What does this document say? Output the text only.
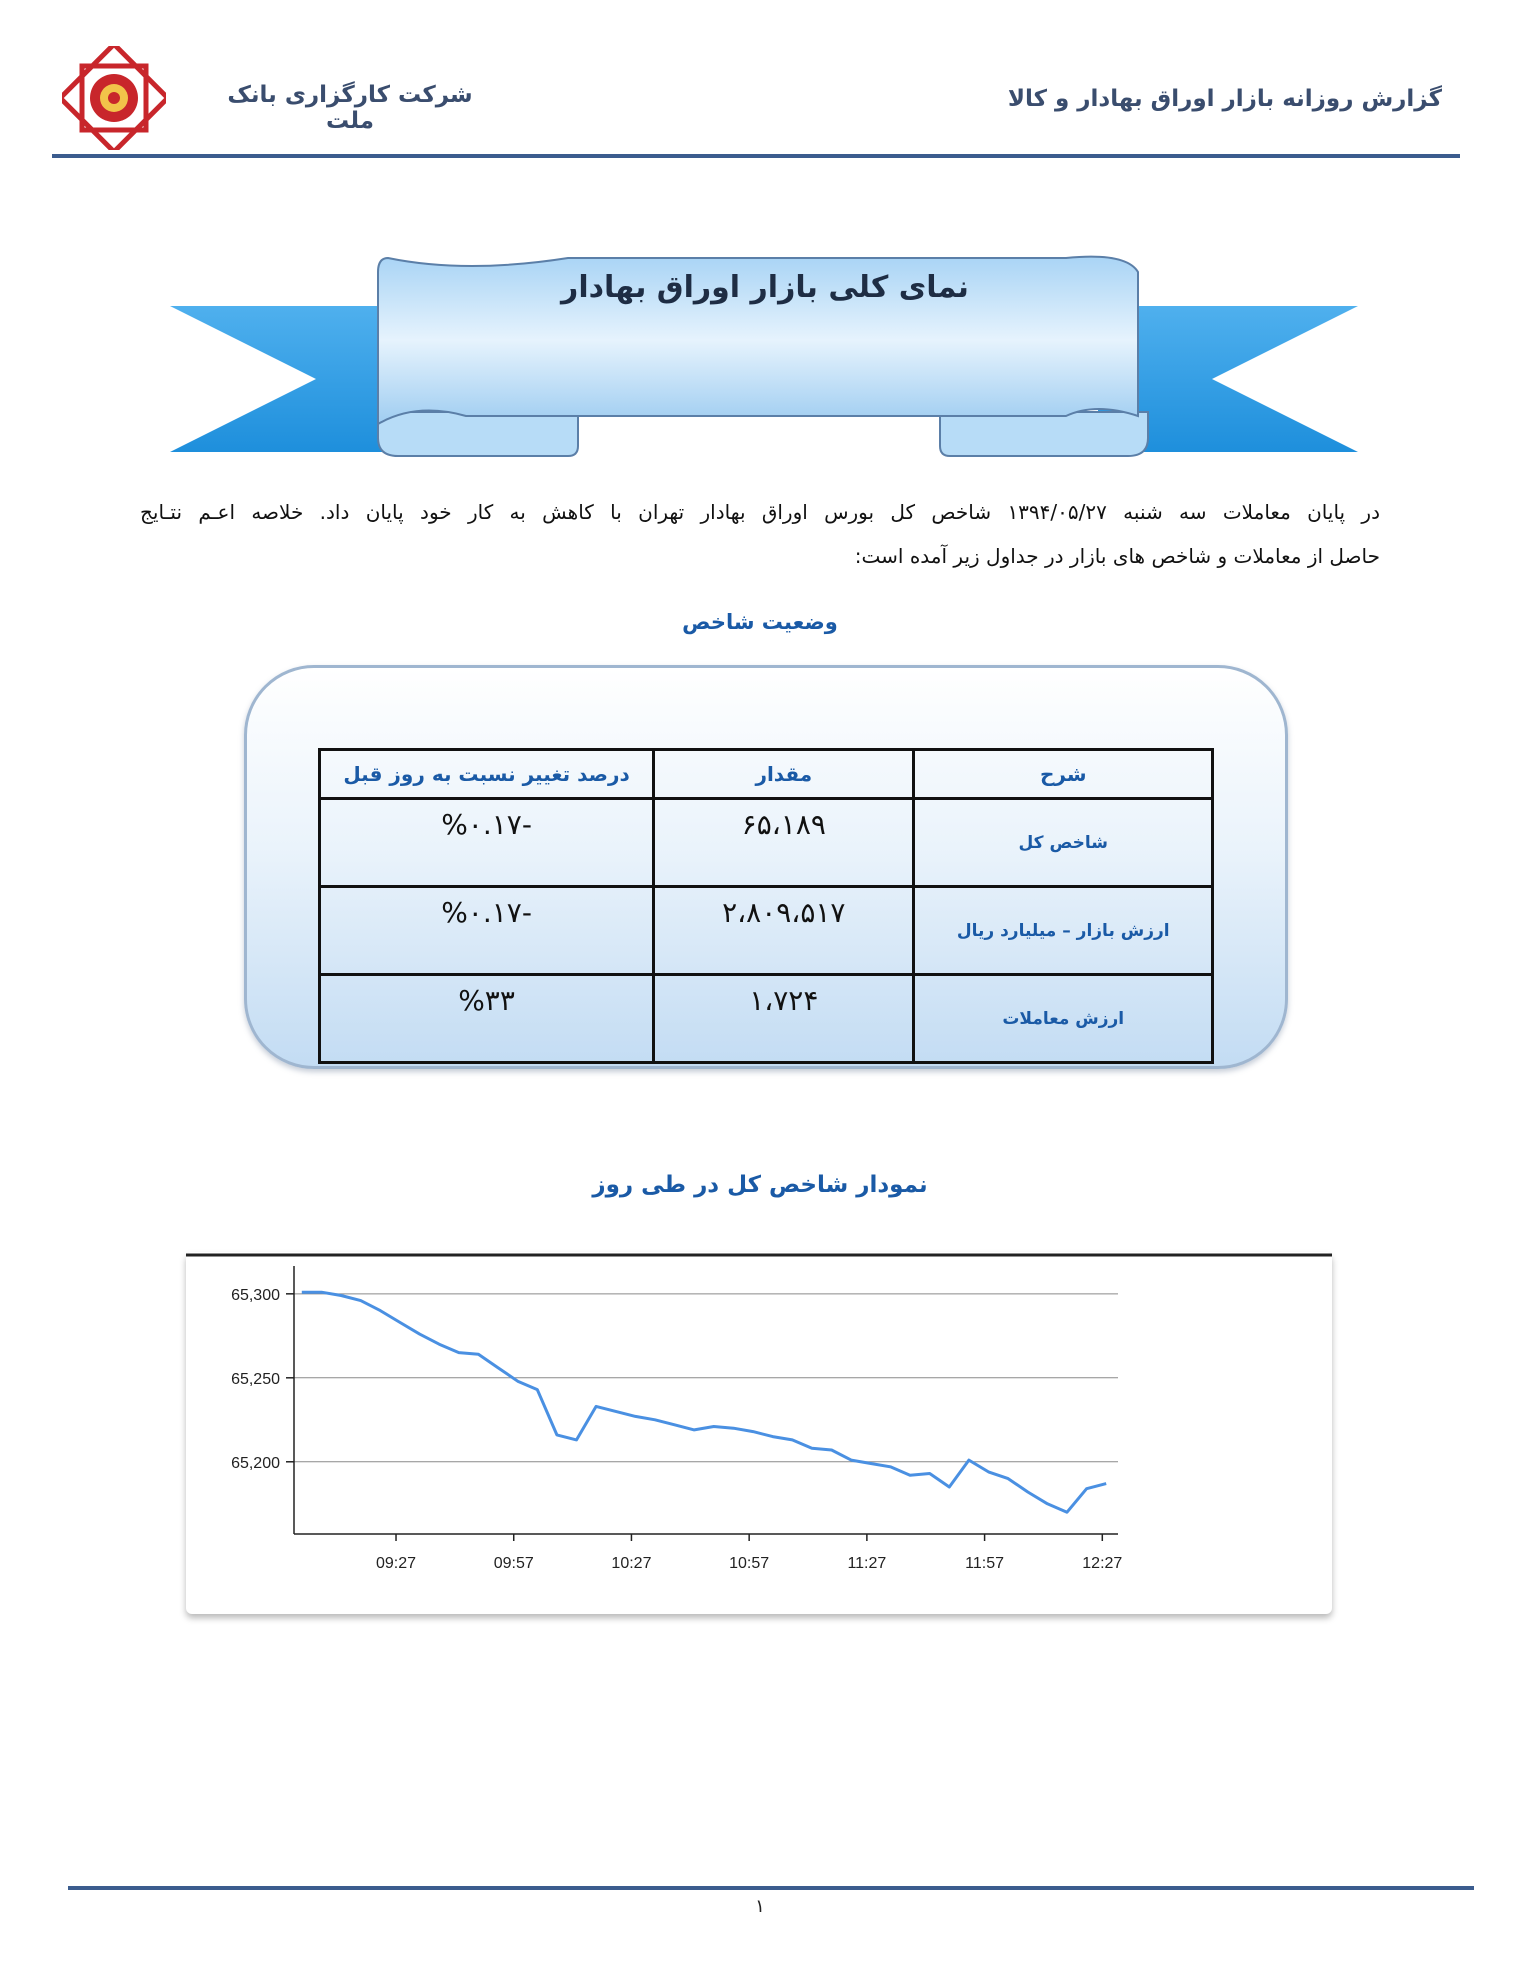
شرکت کارگزاری بانک ملت
گزارش روزانه بازار اوراق بهادار و کالا
نمای کلی بازار اوراق بهادار

در پایان معاملات سه شنبه ۱۳۹۴/۰۵/۲۷ شاخص کل بورس اوراق بهادار تهران با کاهش به کار خود پایان داد. خلاصه اعـم نتـایج

حاصل از معاملات و شاخص های بازار در جداول زیر آمده است:

وضعیت شاخص
شرح	مقدار	درصد تغییر نسبت به روز قبل
شاخص کل	۶۵،۱۸۹	-%۰.۱۷
ارزش بازار – میلیارد ریال	۲،۸۰۹،۵۱۷	-%۰.۱۷
ارزش معاملات	۱،۷۲۴	%۳۳
نمودار شاخص کل در طی روز
65,300
65,250
65,200
09:27	09:57	10:27	10:57	11:27	11:57	12:27
۱
